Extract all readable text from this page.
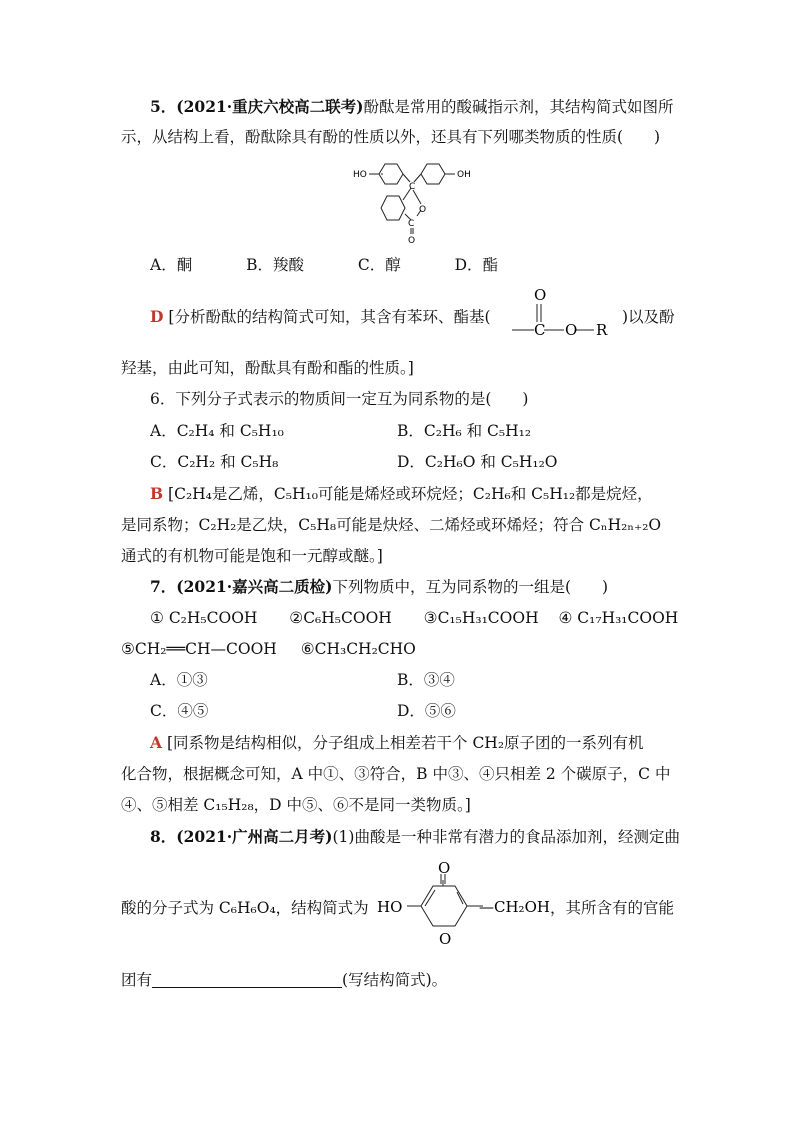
5．(2021·重庆六校高二联考)酚酞是常用的酸碱指示剂，其结构简式如图所
示，从结构上看，酚酞除具有酚的性质以外，还具有下列哪类物质的性质(　　)
HO	OH
C
O
C
O
A．酮	B．羧酸	C．醇	D．酯
D [分析酚酞的结构简式可知，其含有苯环、酯基(
O
C O R
)以及酚
羟基，由此可知，酚酞具有酚和酯的性质。]
6．下列分子式表示的物质间一定互为同系物的是(　　)
A．C₂H₄ 和 C₅H₁₀	B．C₂H₆ 和 C₅H₁₂
C．C₂H₂ 和 C₅H₈	D．C₂H₆O 和 C₅H₁₂O
B [C₂H₄是乙烯，C₅H₁₀可能是烯烃或环烷烃；C₂H₆和 C₅H₁₂都是烷烃，
是同系物；C₂H₂是乙炔，C₅H₈可能是炔烃、二烯烃或环烯烃；符合 CₙH₂ₙ₊₂O
通式的有机物可能是饱和一元醇或醚。]
7．(2021·嘉兴高二质检)下列物质中，互为同系物的一组是(　　)
① C₂H₅COOH ②C₆H₅COOH ③C₁₅H₃₁COOH ④ C₁₇H₃₁COOH
⑤CH₂══CH—COOH ⑥CH₃CH₂CHO
A．①③	B．③④
C．④⑤	D．⑤⑥
A [同系物是结构相似，分子组成上相差若干个 CH₂原子团的一系列有机
化合物，根据概念可知，A 中①、③符合，B 中③、④只相差 2 个碳原子，C 中
④、⑤相差 C₁₅H₂₈，D 中⑤、⑥不是同一类物质。]
8．(2021·广州高二月考)(1)曲酸是一种非常有潜力的食品添加剂，经测定曲
酸的分子式为 C₆H₆O₄，结构简式为
O
HO	—CH₂OH
O
，其所含有的官能
团有	(写结构简式)。
